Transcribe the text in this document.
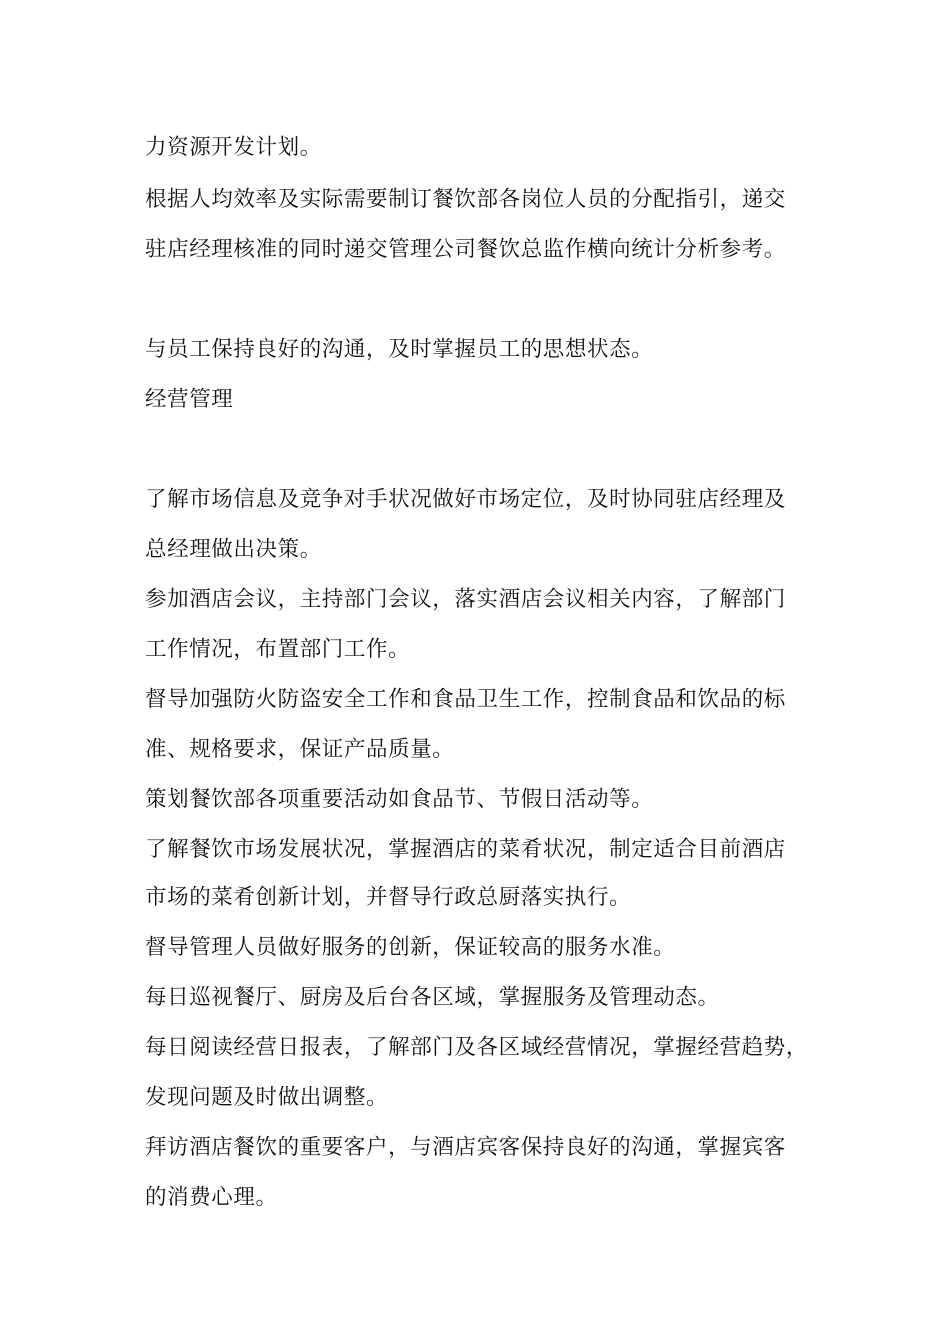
力资源开发计划。
根据人均效率及实际需要制订餐饮部各岗位人员的分配指引，递交
驻店经理核准的同时递交管理公司餐饮总监作横向统计分析参考。
与员工保持良好的沟通，及时掌握员工的思想状态。
经营管理
了解市场信息及竞争对手状况做好市场定位，及时协同驻店经理及
总经理做出决策。
参加酒店会议，主持部门会议，落实酒店会议相关内容，了解部门
工作情况，布置部门工作。
督导加强防火防盗安全工作和食品卫生工作，控制食品和饮品的标
准、规格要求，保证产品质量。
策划餐饮部各项重要活动如食品节、节假日活动等。
了解餐饮市场发展状况，掌握酒店的菜肴状况，制定适合目前酒店
市场的菜肴创新计划，并督导行政总厨落实执行。
督导管理人员做好服务的创新，保证较高的服务水准。
每日巡视餐厅、厨房及后台各区域，掌握服务及管理动态。
每日阅读经营日报表，了解部门及各区域经营情况，掌握经营趋势，
发现问题及时做出调整。
拜访酒店餐饮的重要客户，与酒店宾客保持良好的沟通，掌握宾客
的消费心理。
